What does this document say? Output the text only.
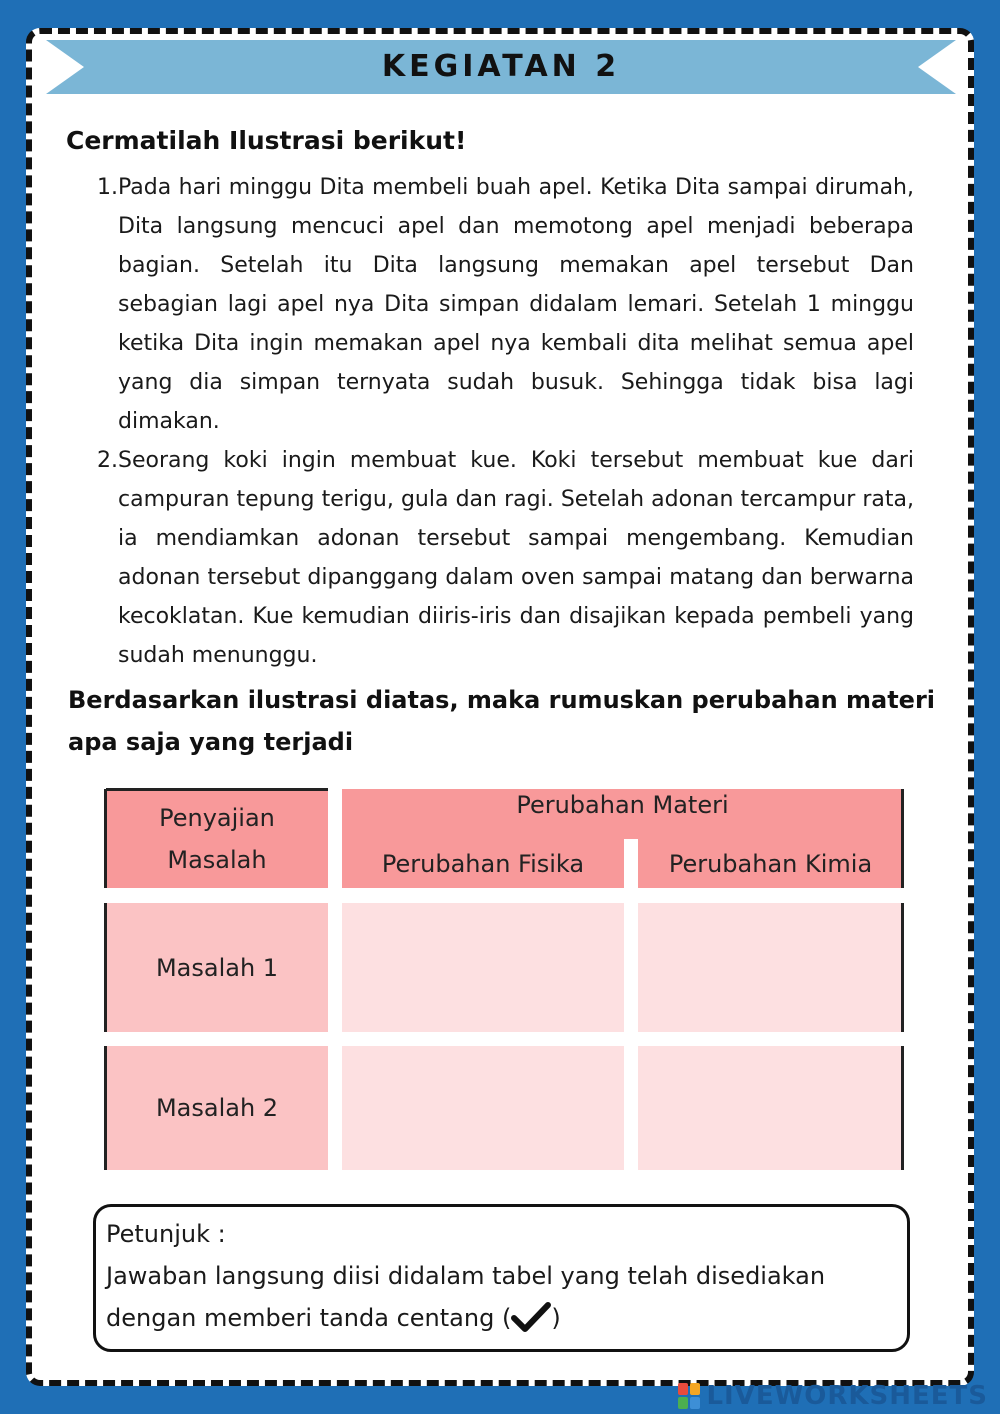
KEGIATAN 2
Cermatilah Ilustrasi berikut!
1. Pada hari minggu Dita membeli buah apel. Ketika Dita sampai dirumah, Dita langsung mencuci apel dan memotong apel menjadi beberapa bagian. Setelah itu Dita langsung memakan apel tersebut Dan sebagian lagi apel nya Dita simpan didalam lemari. Setelah 1 minggu ketika Dita ingin memakan apel nya kembali dita melihat semua apel yang dia simpan ternyata sudah busuk. Sehingga tidak bisa lagi dimakan.
2. Seorang koki ingin membuat kue. Koki tersebut membuat kue dari campuran tepung terigu, gula dan ragi. Setelah adonan tercampur rata, ia mendiamkan adonan tersebut sampai mengembang. Kemudian adonan tersebut dipanggang dalam oven sampai matang dan berwarna kecoklatan. Kue kemudian diiris-iris dan disajikan kepada pembeli yang sudah menunggu.
Berdasarkan ilustrasi diatas, maka rumuskan perubahan materi
apa saja yang terjadi
Penyajian
Masalah
Perubahan Materi
Perubahan Fisika	Perubahan Kimia
Masalah 1
Masalah 2
Petunjuk :
Jawaban langsung diisi didalam tabel yang telah disediakan
dengan memberi tanda centang ( )
LIVEWORKSHEETS
